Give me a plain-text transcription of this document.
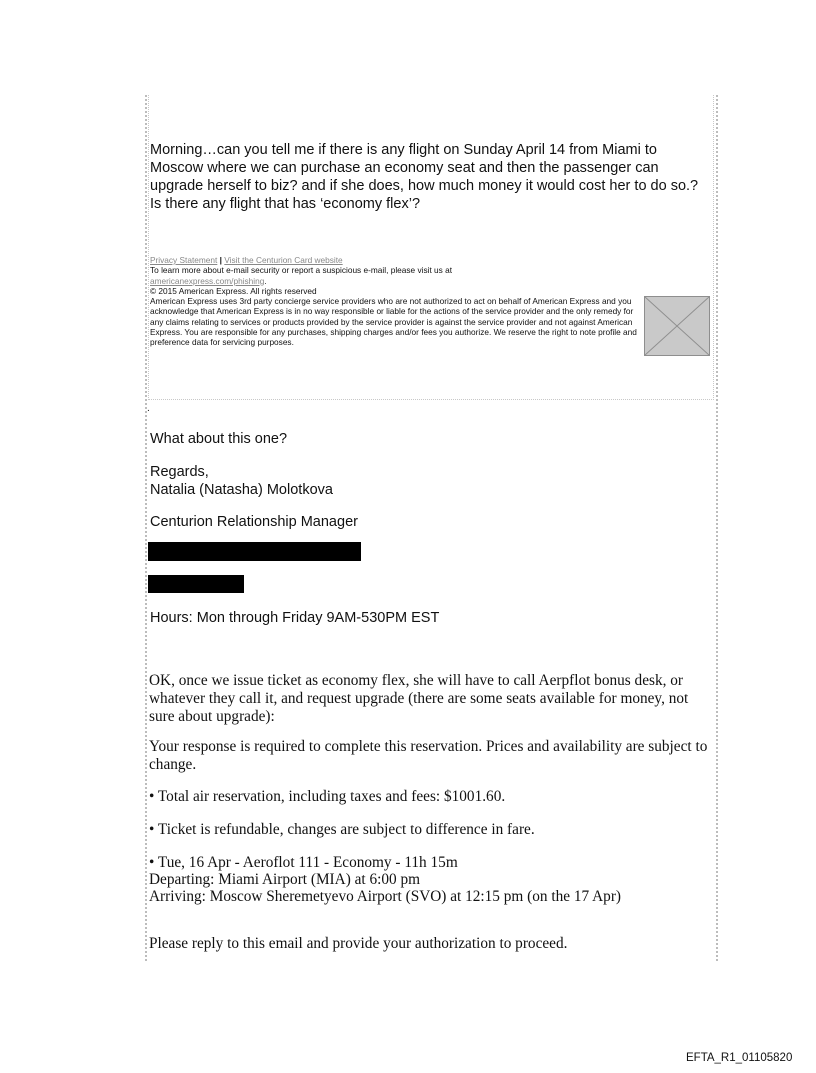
Morning…can you tell me if there is any flight on Sunday April 14 from Miami to Moscow where we can purchase an economy seat and then the passenger can upgrade herself to biz? and if she does, how much money it would cost her to do so.? Is there any flight that has ‘economy flex’?

Privacy Statement | Visit the Centurion Card website

To learn more about e-mail security or report a suspicious e-mail, please visit us at

americanexpress.com/phishing.

© 2015 American Express. All rights reserved

American Express uses 3rd party concierge service providers who are not authorized to act on behalf of American Express and you acknowledge that American Express is in no way responsible or liable for the actions of the service provider and the only remedy for any claims relating to services or products provided by the service provider is against the service provider and not against American Express. You are responsible for any purchases, shipping charges and/or fees you authorize. We reserve the right to note profile and preference data for servicing purposes.

.

What about this one?

Regards,

Natalia (Natasha) Molotkova

Centurion Relationship Manager

Hours: Mon through Friday 9AM-530PM EST

OK, once we issue ticket as economy flex, she will have to call Aerpflot bonus desk, or whatever they call it, and request upgrade (there are some seats available for money, not sure about upgrade):

Your response is required to complete this reservation. Prices and availability are subject to change.

• Total air reservation, including taxes and fees: $1001.60.

• Ticket is refundable, changes are subject to difference in fare.

• Tue, 16 Apr - Aeroflot 111 - Economy - 11h 15m

Departing: Miami Airport (MIA) at 6:00 pm

Arriving: Moscow Sheremetyevo Airport (SVO) at 12:15 pm (on the 17 Apr)

Please reply to this email and provide your authorization to proceed.

EFTA_R1_01105820
